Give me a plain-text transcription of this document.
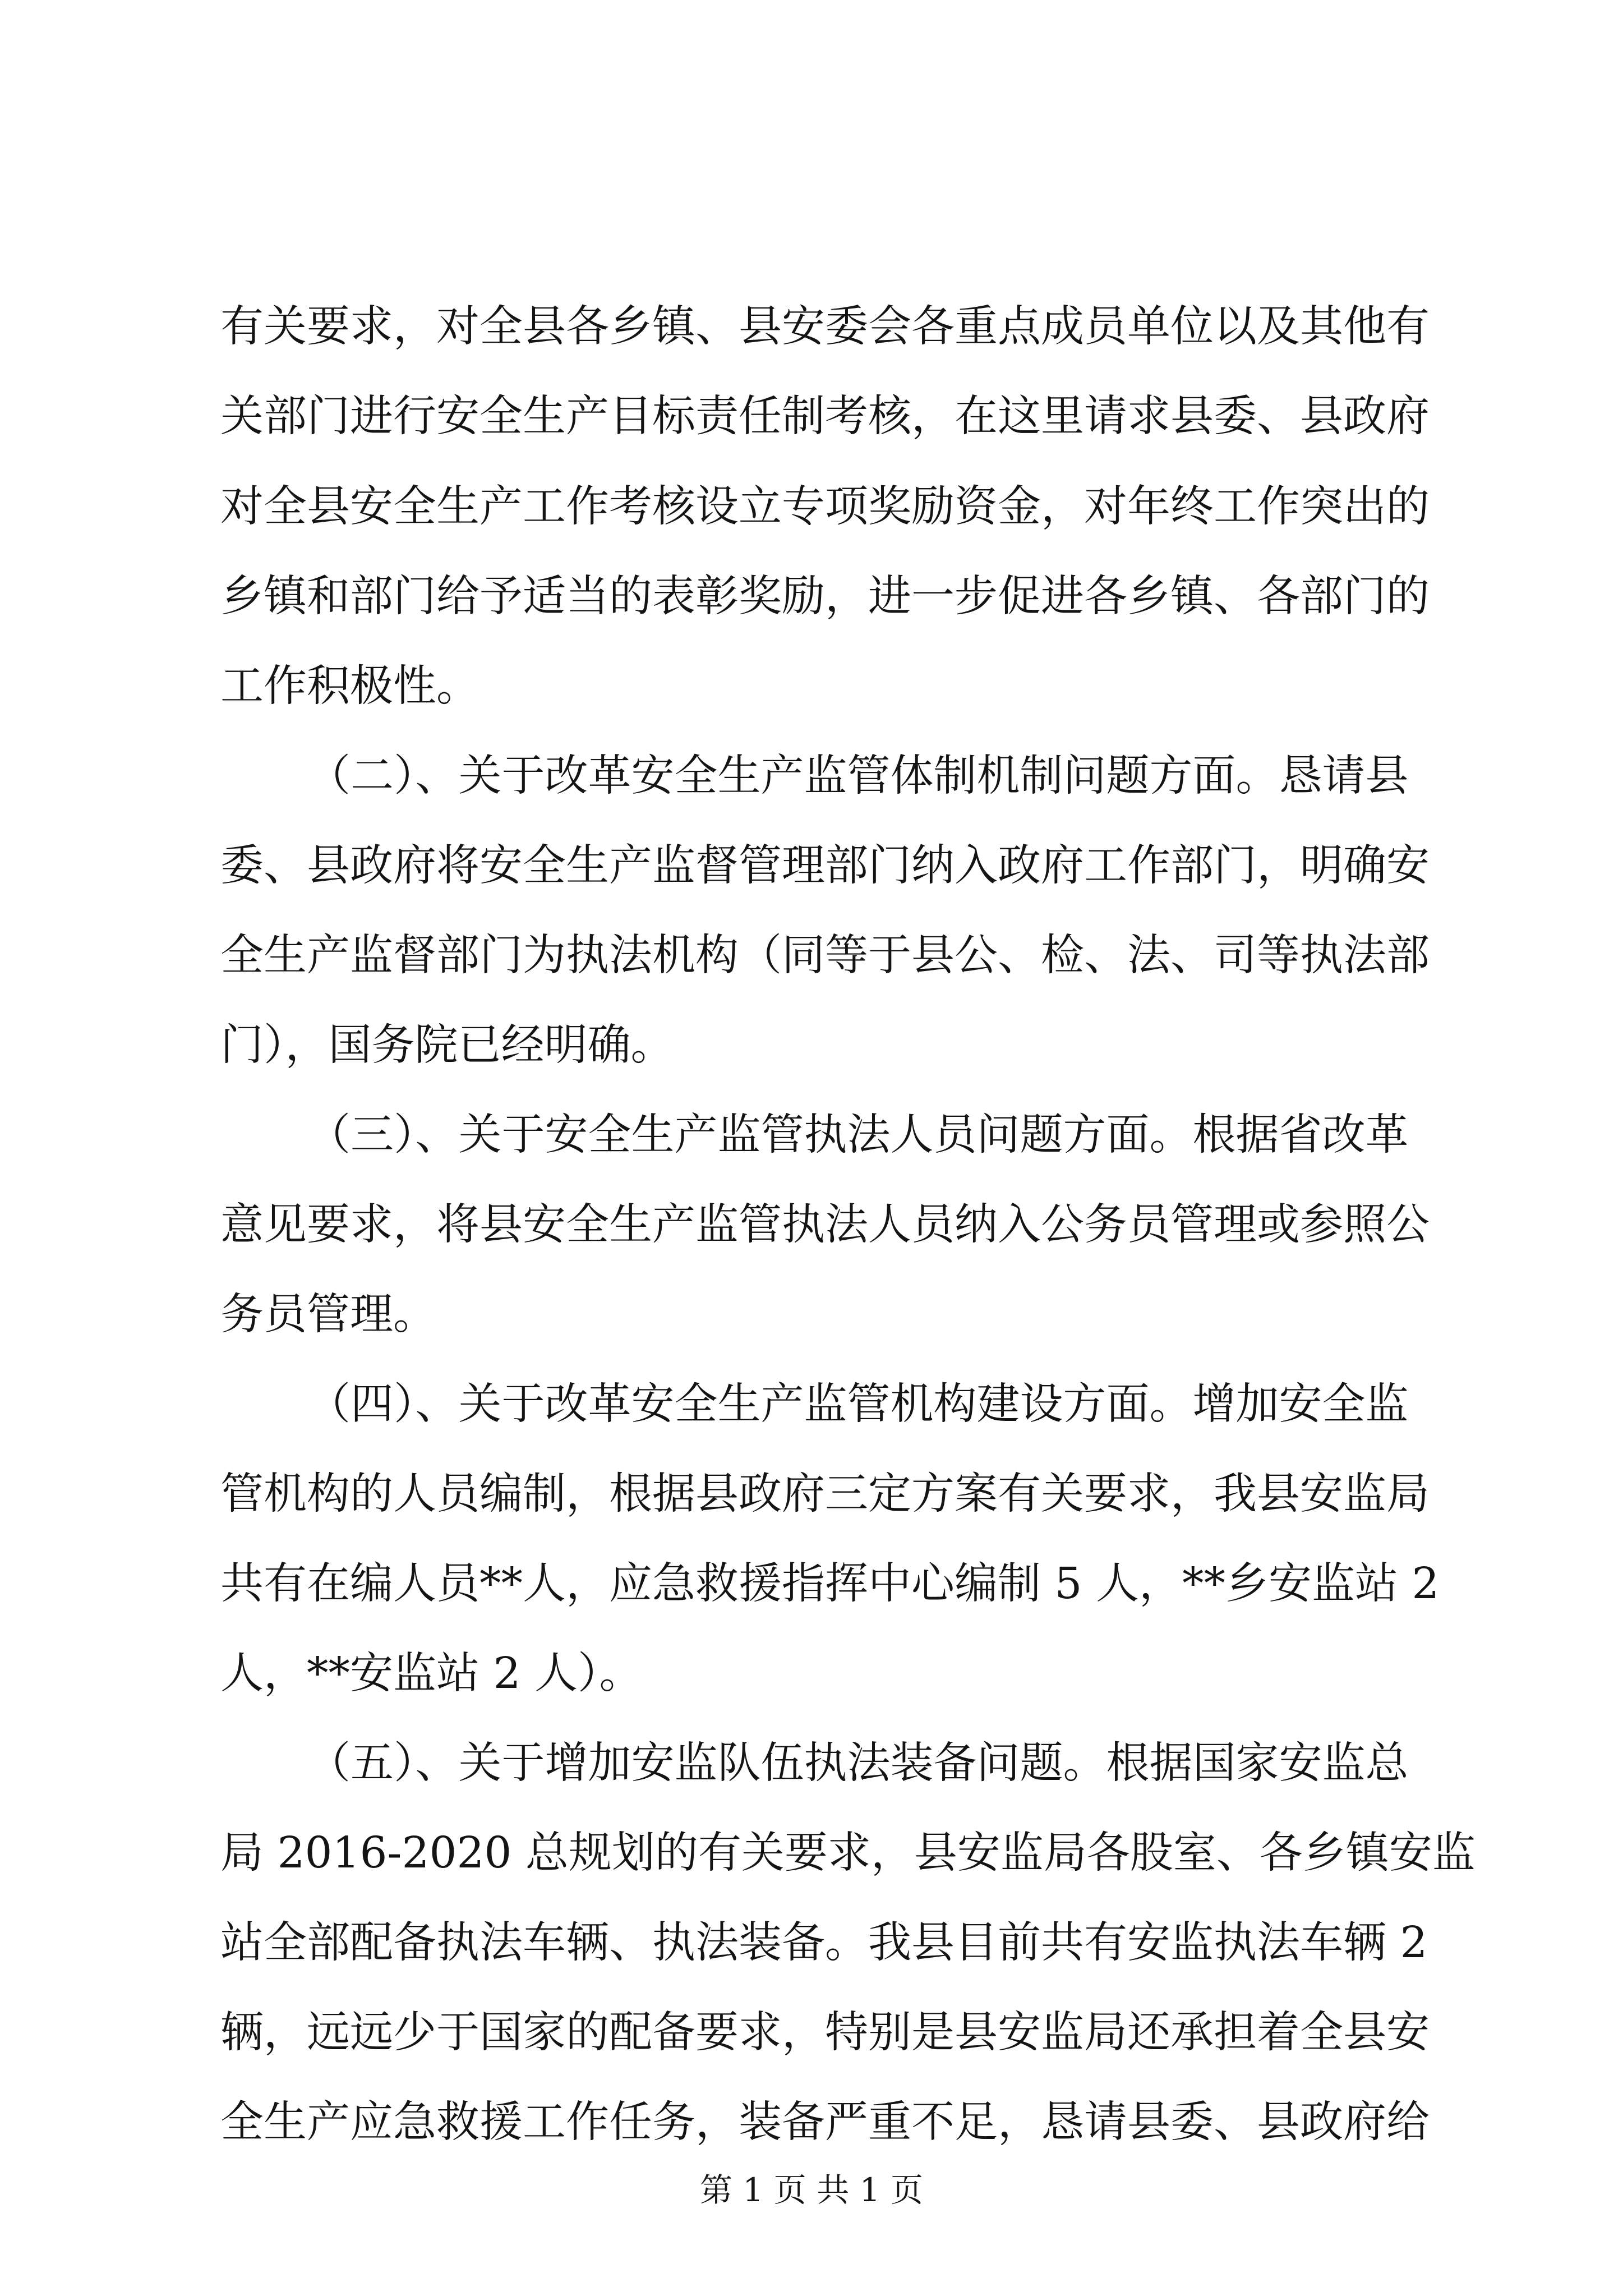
有关要求，对全县各乡镇、县安委会各重点成员单位以及其他有
关部门进行安全生产目标责任制考核，在这里请求县委、县政府
对全县安全生产工作考核设立专项奖励资金，对年终工作突出的
乡镇和部门给予适当的表彰奖励，进一步促进各乡镇、各部门的
工作积极性。
（二）、关于改革安全生产监管体制机制问题方面。恳请县
委、县政府将安全生产监督管理部门纳入政府工作部门，明确安
全生产监督部门为执法机构（同等于县公、检、法、司等执法部
门），国务院已经明确。
（三）、关于安全生产监管执法人员问题方面。根据省改革
意见要求，将县安全生产监管执法人员纳入公务员管理或参照公
务员管理。
（四）、关于改革安全生产监管机构建设方面。增加安全监
管机构的人员编制，根据县政府三定方案有关要求，我县安监局
共有在编人员**人，应急救援指挥中心编制 5 人，**乡安监站 2
人，**安监站 2 人）。
（五）、关于增加安监队伍执法装备问题。根据国家安监总
局 2016-2020 总规划的有关要求，县安监局各股室、各乡镇安监
站全部配备执法车辆、执法装备。我县目前共有安监执法车辆 2
辆，远远少于国家的配备要求，特别是县安监局还承担着全县安
全生产应急救援工作任务，装备严重不足，恳请县委、县政府给
第 1 页 共 1 页
